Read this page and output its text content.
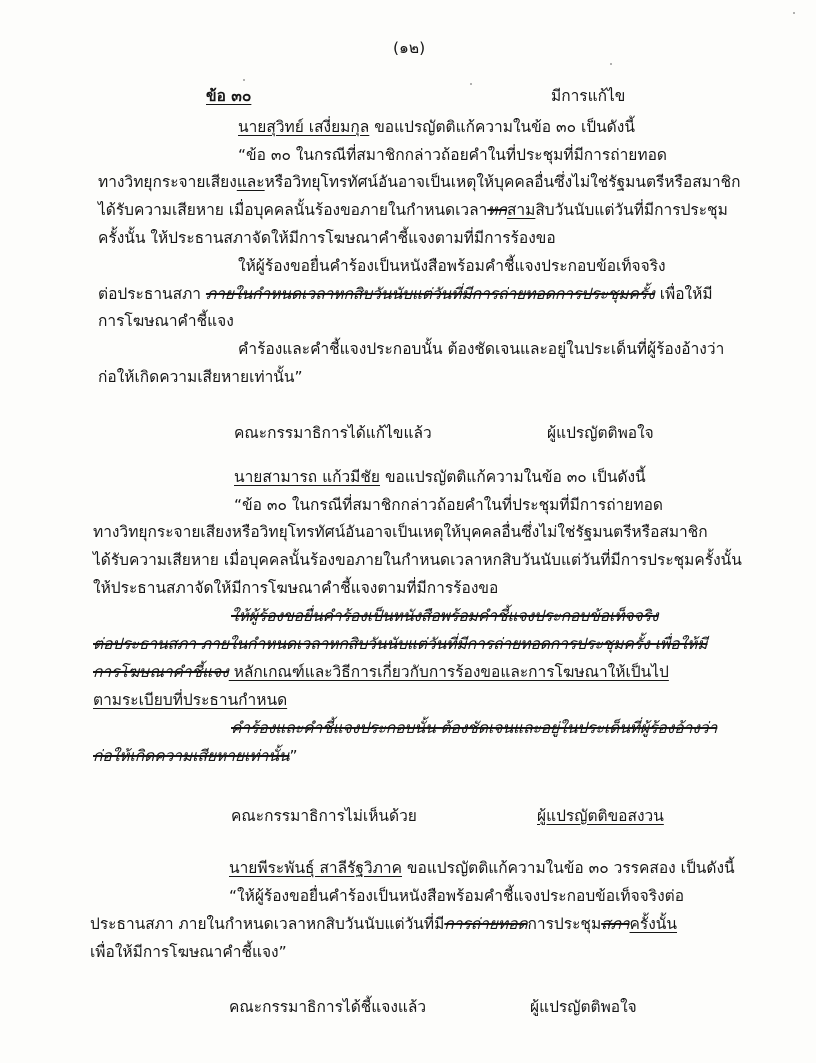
(๑๒)
ข้อ ๓๐	มีการแก้ไข
นายสุวิทย์ เสงี่ยมกุล ขอแปรญัตติแก้ความในข้อ ๓๐ เป็นดังนี้
“ข้อ ๓๐ ในกรณีที่สมาชิกกล่าวถ้อยคำในที่ประชุมที่มีการถ่ายทอด
ทางวิทยุกระจายเสียงและหรือวิทยุโทรทัศน์อันอาจเป็นเหตุให้บุคคลอื่นซึ่งไม่ใช่รัฐมนตรีหรือสมาชิก
ได้รับความเสียหาย เมื่อบุคคลนั้นร้องขอภายในกำหนดเวลาหกสามสิบวันนับแต่วันที่มีการประชุม
ครั้งนั้น ให้ประธานสภาจัดให้มีการโฆษณาคำชี้แจงตามที่มีการร้องขอ
ให้ผู้ร้องขอยื่นคำร้องเป็นหนังสือพร้อมคำชี้แจงประกอบข้อเท็จจริง
ต่อประธานสภา ภายในกำหนดเวลาหกสิบวันนับแต่วันที่มีการถ่ายทอดการประชุมครั้ง เพื่อให้มี
การโฆษณาคำชี้แจง
คำร้องและคำชี้แจงประกอบนั้น ต้องชัดเจนและอยู่ในประเด็นที่ผู้ร้องอ้างว่า
ก่อให้เกิดความเสียหายเท่านั้น”
คณะกรรมาธิการได้แก้ไขแล้ว	ผู้แปรญัตติพอใจ
นายสามารถ แก้วมีชัย ขอแปรญัตติแก้ความในข้อ ๓๐ เป็นดังนี้
“ข้อ ๓๐ ในกรณีที่สมาชิกกล่าวถ้อยคำในที่ประชุมที่มีการถ่ายทอด
ทางวิทยุกระจายเสียงหรือวิทยุโทรทัศน์อันอาจเป็นเหตุให้บุคคลอื่นซึ่งไม่ใช่รัฐมนตรีหรือสมาชิก
ได้รับความเสียหาย เมื่อบุคคลนั้นร้องขอภายในกำหนดเวลาหกสิบวันนับแต่วันที่มีการประชุมครั้งนั้น
ให้ประธานสภาจัดให้มีการโฆษณาคำชี้แจงตามที่มีการร้องขอ
ให้ผู้ร้องขอยื่นคำร้องเป็นหนังสือพร้อมคำชี้แจงประกอบข้อเท็จจริง
ต่อประธานสภา ภายในกำหนดเวลาหกสิบวันนับแต่วันที่มีการถ่ายทอดการประชุมครั้ง เพื่อให้มี
การโฆษณาคำชี้แจง หลักเกณฑ์และวิธีการเกี่ยวกับการร้องขอและการโฆษณาให้เป็นไป
ตามระเบียบที่ประธานกำหนด
คำร้องและคำชี้แจงประกอบนั้น ต้องชัดเจนและอยู่ในประเด็นที่ผู้ร้องอ้างว่า
ก่อให้เกิดความเสียหายเท่านั้น”
คณะกรรมาธิการไม่เห็นด้วย	ผู้แปรญัตติขอสงวน
นายพีระพันธุ์ สาลีรัฐวิภาค ขอแปรญัตติแก้ความในข้อ ๓๐ วรรคสอง เป็นดังนี้
“ให้ผู้ร้องขอยื่นคำร้องเป็นหนังสือพร้อมคำชี้แจงประกอบข้อเท็จจริงต่อ
ประธานสภา ภายในกำหนดเวลาหกสิบวันนับแต่วันที่มีการถ่ายทอดการประชุมสภาครั้งนั้น
เพื่อให้มีการโฆษณาคำชี้แจง”
คณะกรรมาธิการได้ชี้แจงแล้ว	ผู้แปรญัตติพอใจ
